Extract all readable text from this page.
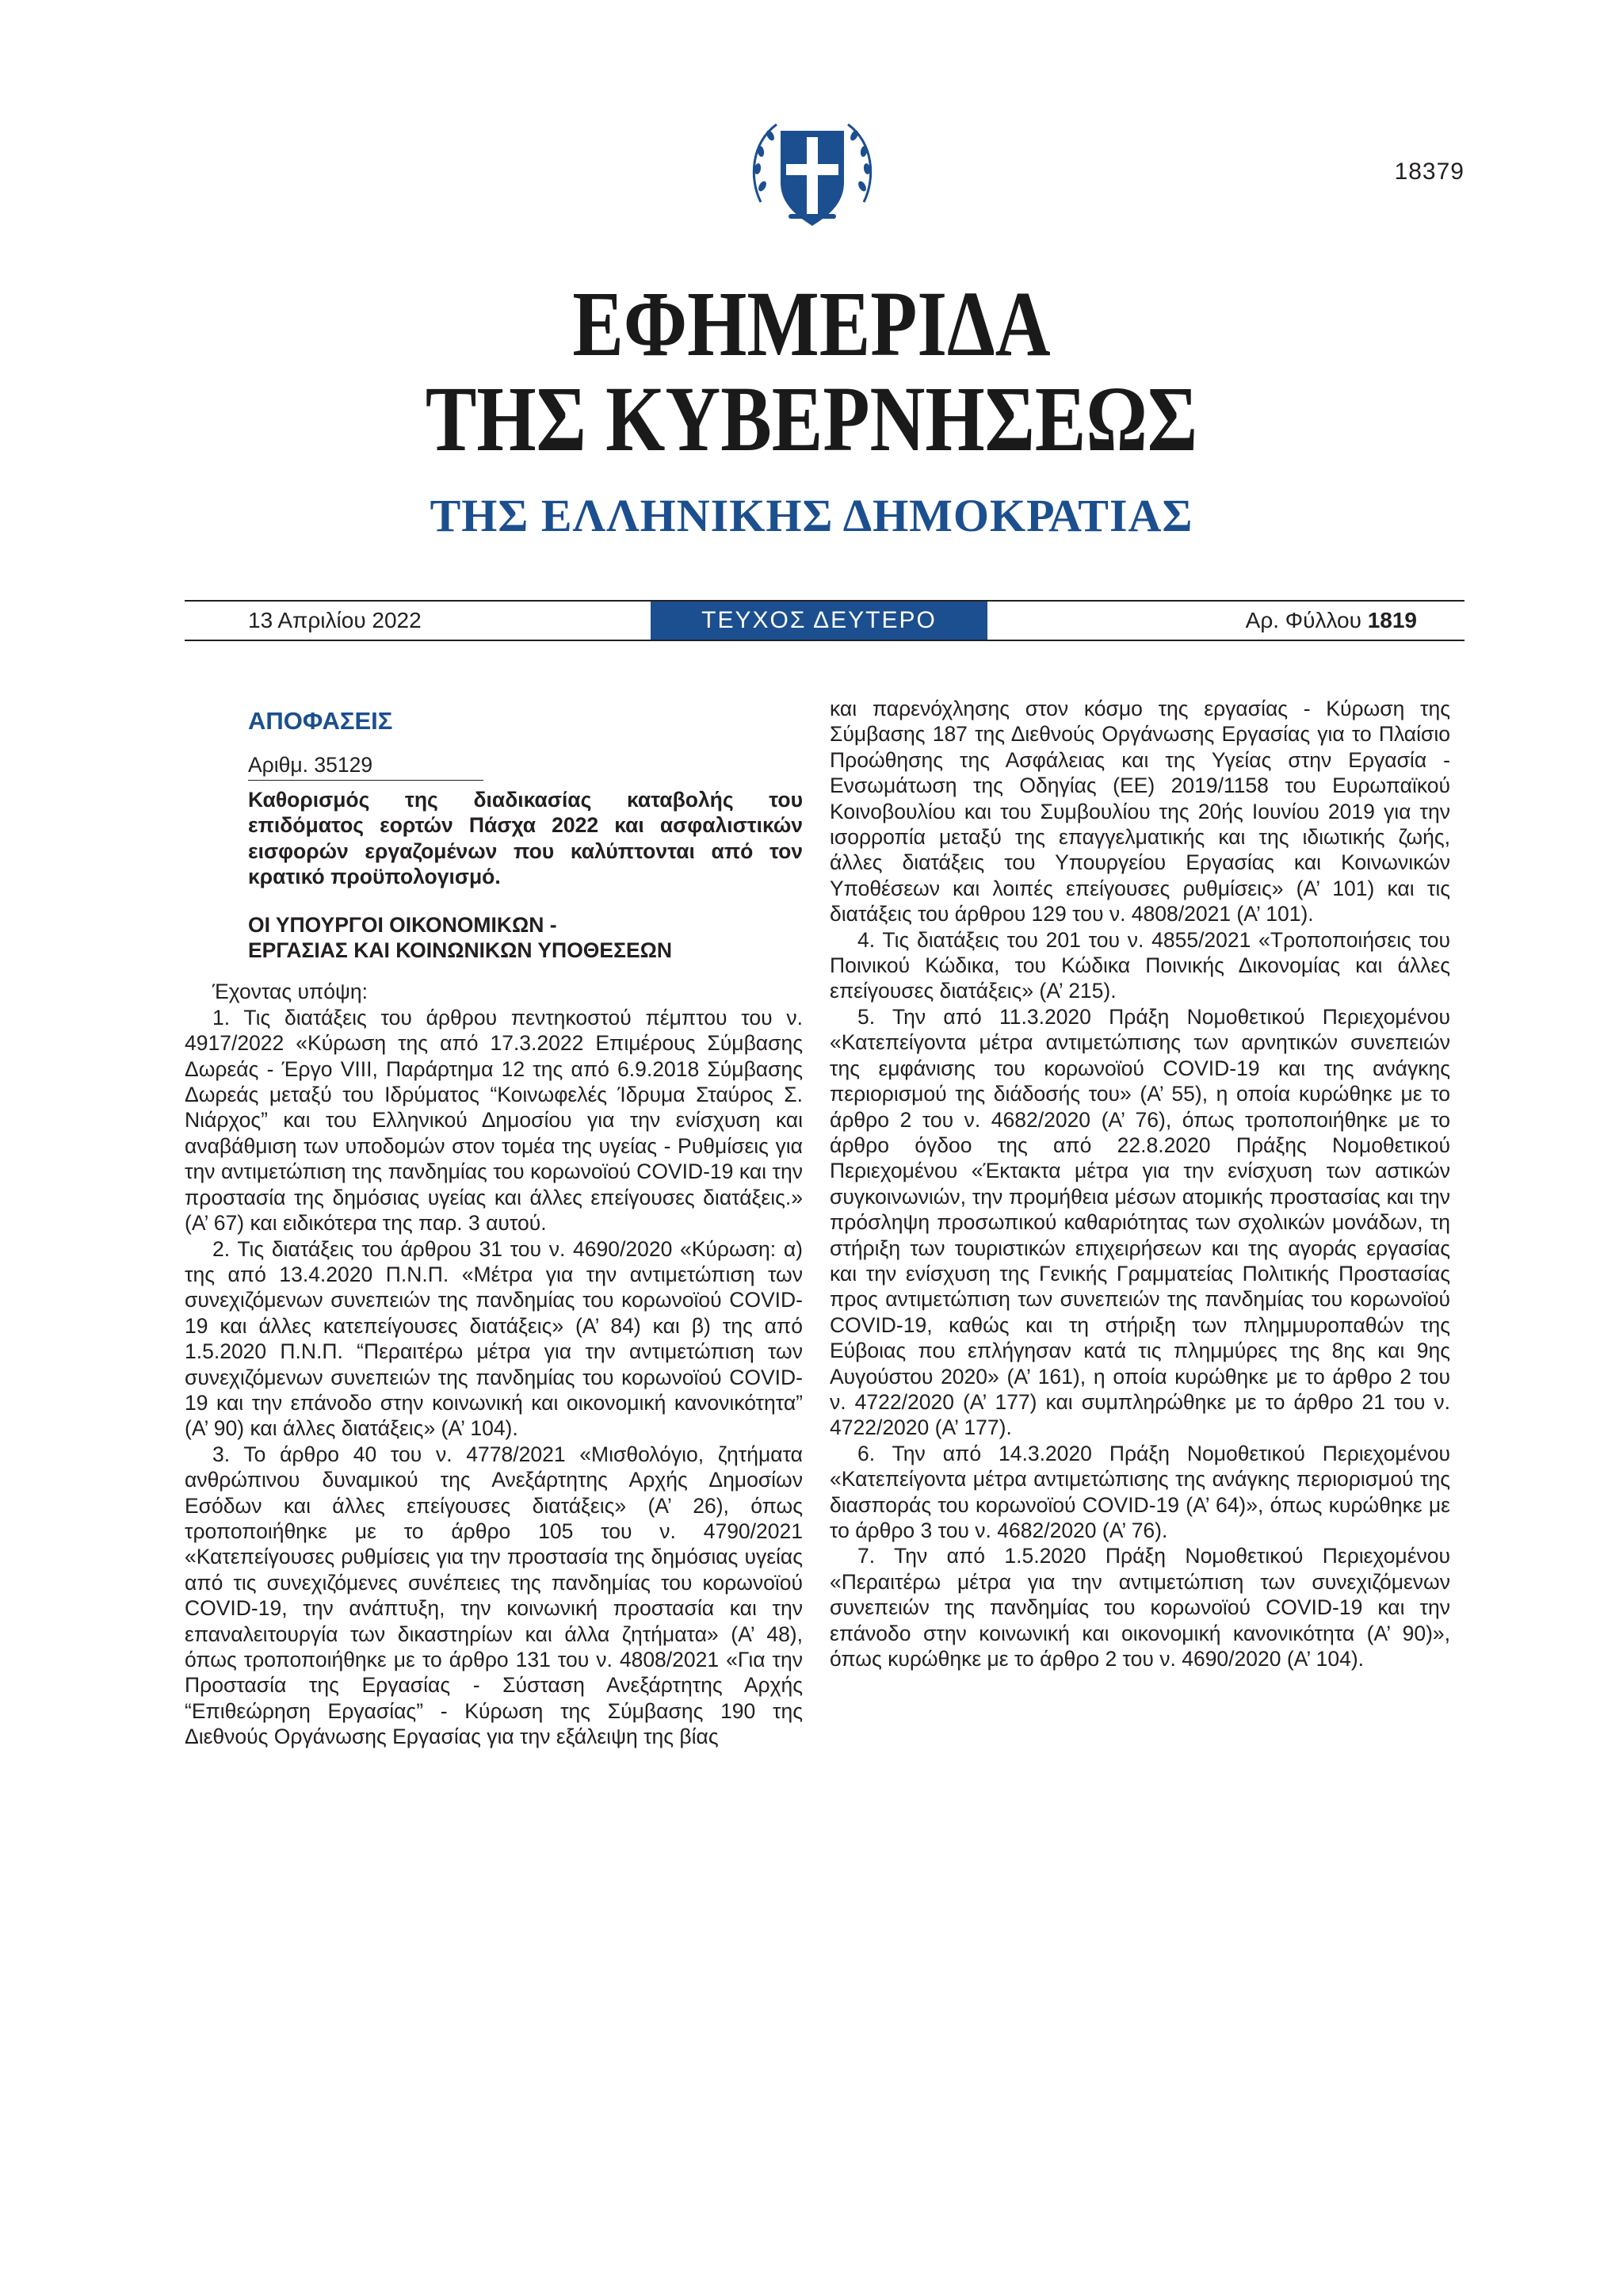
18379
ΕΦΗΜΕΡΙΔΑ
ΤΗΣ ΚΥΒΕΡΝΗΣΕΩΣ
ΤΗΣ ΕΛΛΗΝΙΚΗΣ ΔΗΜΟΚΡΑΤΙΑΣ
13 Απριλίου 2022	ΤΕΥΧΟΣ ΔΕΥΤΕΡΟ	Αρ. Φύλλου 1819
ΑΠΟΦΑΣΕΙΣ
Αριθμ. 35129
Καθορισμός της διαδικασίας καταβολής του επιδόματος εορτών Πάσχα 2022 και ασφαλιστικών εισφορών εργαζομένων που καλύπτονται από τον κρατικό προϋπολογισμό.
ΟΙ ΥΠΟΥΡΓΟΙ ΟΙΚΟΝΟΜΙΚΩΝ -
ΕΡΓΑΣΙΑΣ ΚΑΙ ΚΟΙΝΩΝΙΚΩΝ ΥΠΟΘΕΣΕΩΝ

Έχοντας υπόψη:

1. Τις διατάξεις του άρθρου πεντηκοστού πέμπτου του ν. 4917/2022 «Κύρωση της από 17.3.2022 Επιμέρους Σύμβασης Δωρεάς - Έργο VIII, Παράρτημα 12 της από 6.9.2018 Σύμβασης Δωρεάς μεταξύ του Ιδρύματος “Κοινωφελές Ίδρυμα Σταύρος Σ. Νιάρχος” και του Ελληνικού Δημοσίου για την ενίσχυση και αναβάθμιση των υποδομών στον τομέα της υγείας - Ρυθμίσεις για την αντιμετώπιση της πανδημίας του κορωνοϊού COVID-19 και την προστασία της δημόσιας υγείας και άλλες επείγουσες διατάξεις.» (Α’ 67) και ειδικότερα της παρ. 3 αυτού.

2. Τις διατάξεις του άρθρου 31 του ν. 4690/2020 «Κύρωση: α) της από 13.4.2020 Π.Ν.Π. «Μέτρα για την αντιμετώπιση των συνεχιζόμενων συνεπειών της πανδημίας του κορωνοϊού COVID-19 και άλλες κατεπείγουσες διατάξεις» (Α’ 84) και β) της από 1.5.2020 Π.Ν.Π. “Περαιτέρω μέτρα για την αντιμετώπιση των συνεχιζόμενων συνεπειών της πανδημίας του κορωνοϊού COVID-19 και την επάνοδο στην κοινωνική και οικονομική κανονικότητα” (Α’ 90) και άλλες διατάξεις» (Α’ 104).

3. Το άρθρο 40 του ν. 4778/2021 «Μισθολόγιο, ζητήματα ανθρώπινου δυναμικού της Ανεξάρτητης Αρχής Δημοσίων Εσόδων και άλλες επείγουσες διατάξεις» (Α’ 26), όπως τροποποιήθηκε με το άρθρο 105 του ν. 4790/2021 «Κατεπείγουσες ρυθμίσεις για την προστασία της δημόσιας υγείας από τις συνεχιζόμενες συνέπειες της πανδημίας του κορωνοϊού COVID-19, την ανάπτυξη, την κοινωνική προστασία και την επαναλειτουργία των δικαστηρίων και άλλα ζητήματα» (Α’ 48), όπως τροποποιήθηκε με το άρθρο 131 του ν. 4808/2021 «Για την Προστασία της Εργασίας - Σύσταση Ανεξάρτητης Αρχής “Επιθεώρηση Εργασίας” - Κύρωση της Σύμβασης 190 της Διεθνούς Οργάνωσης Εργασίας για την εξάλειψη της βίας

και παρενόχλησης στον κόσμο της εργασίας - Κύρωση της Σύμβασης 187 της Διεθνούς Οργάνωσης Εργασίας για το Πλαίσιο Προώθησης της Ασφάλειας και της Υγείας στην Εργασία - Ενσωμάτωση της Οδηγίας (ΕΕ) 2019/1158 του Ευρωπαϊκού Κοινοβουλίου και του Συμβουλίου της 20ής Ιουνίου 2019 για την ισορροπία μεταξύ της επαγγελματικής και της ιδιωτικής ζωής, άλλες διατάξεις του Υπουργείου Εργασίας και Κοινωνικών Υποθέσεων και λοιπές επείγουσες ρυθμίσεις» (Α’ 101) και τις διατάξεις του άρθρου 129 του ν. 4808/2021 (Α’ 101).

4. Τις διατάξεις του 201 του ν. 4855/2021 «Τροποποιήσεις του Ποινικού Κώδικα, του Κώδικα Ποινικής Δικονομίας και άλλες επείγουσες διατάξεις» (Α’ 215).

5. Την από 11.3.2020 Πράξη Νομοθετικού Περιεχομένου «Κατεπείγοντα μέτρα αντιμετώπισης των αρνητικών συνεπειών της εμφάνισης του κορωνοϊού COVID-19 και της ανάγκης περιορισμού της διάδοσής του» (Α’ 55), η οποία κυρώθηκε με το άρθρο 2 του ν. 4682/2020 (Α’ 76), όπως τροποποιήθηκε με το άρθρο όγδοο της από 22.8.2020 Πράξης Νομοθετικού Περιεχομένου «Έκτακτα μέτρα για την ενίσχυση των αστικών συγκοινωνιών, την προμήθεια μέσων ατομικής προστασίας και την πρόσληψη προσωπικού καθαριότητας των σχολικών μονάδων, τη στήριξη των τουριστικών επιχειρήσεων και της αγοράς εργασίας και την ενίσχυση της Γενικής Γραμματείας Πολιτικής Προστασίας προς αντιμετώπιση των συνεπειών της πανδημίας του κορωνοϊού COVID-19, καθώς και τη στήριξη των πλημμυροπαθών της Εύβοιας που επλήγησαν κατά τις πλημμύρες της 8ης και 9ης Αυγούστου 2020» (Α’ 161), η οποία κυρώθηκε με το άρθρο 2 του ν. 4722/2020 (Α’ 177) και συμπληρώθηκε με το άρθρο 21 του ν. 4722/2020 (Α’ 177).

6. Την από 14.3.2020 Πράξη Νομοθετικού Περιεχομένου «Κατεπείγοντα μέτρα αντιμετώπισης της ανάγκης περιορισμού της διασποράς του κορωνοϊού COVID-19 (Α’ 64)», όπως κυρώθηκε με το άρθρο 3 του ν. 4682/2020 (Α’ 76).

7. Την από 1.5.2020 Πράξη Νομοθετικού Περιεχομένου «Περαιτέρω μέτρα για την αντιμετώπιση των συνεχιζόμενων συνεπειών της πανδημίας του κορωνοϊού COVID-19 και την επάνοδο στην κοινωνική και οικονομική κανονικότητα (Α’ 90)», όπως κυρώθηκε με το άρθρο 2 του ν. 4690/2020 (Α’ 104).
